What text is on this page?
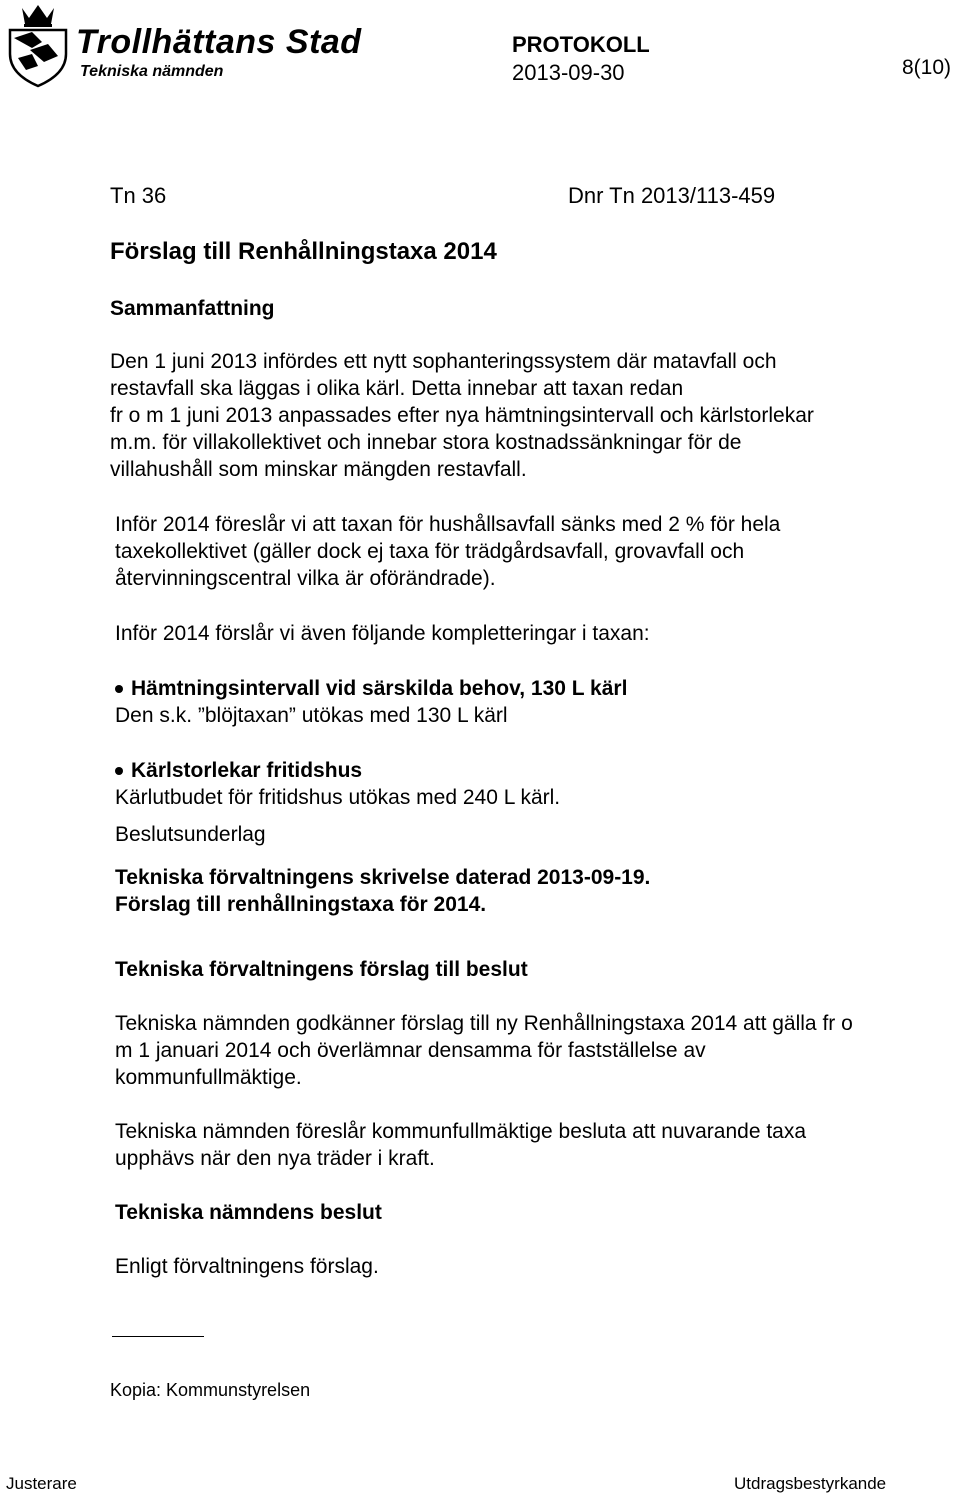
Trollhättans Stad
Tekniska nämnden
PROTOKOLL
2013-09-30	8(10)
Tn 36	Dnr Tn 2013/113-459
Förslag till Renhållningstaxa 2014
Sammanfattning
Den 1 juni 2013 infördes ett nytt sophanteringssystem där matavfall och
restavfall ska läggas i olika kärl. Detta innebar att taxan redan
fr o m 1 juni 2013 anpassades efter nya hämtningsintervall och kärlstorlekar
m.m. för villakollektivet och innebar stora kostnadssänkningar för de
villahushåll som minskar mängden restavfall.
Inför 2014 föreslår vi att taxan för hushållsavfall sänks med 2 % för hela
taxekollektivet (gäller dock ej taxa för trädgårdsavfall, grovavfall och
återvinningscentral vilka är oförändrade).
Inför 2014 förslår vi även följande kompletteringar i taxan:
Hämtningsintervall vid särskilda behov, 130 L kärl
Den s.k. ”blöjtaxan” utökas med 130 L kärl
Kärlstorlekar fritidshus
Kärlutbudet för fritidshus utökas med 240 L kärl.
Beslutsunderlag
Tekniska förvaltningens skrivelse daterad 2013-09-19.
Förslag till renhållningstaxa för 2014.
Tekniska förvaltningens förslag till beslut
Tekniska nämnden godkänner förslag till ny Renhållningstaxa 2014 att gälla fr o
m 1 januari 2014 och överlämnar densamma för fastställelse av
kommunfullmäktige.
Tekniska nämnden föreslår kommunfullmäktige besluta att nuvarande taxa
upphävs när den nya träder i kraft.
Tekniska nämndens beslut
Enligt förvaltningens förslag.
Kopia: Kommunstyrelsen
Justerare	Utdragsbestyrkande
